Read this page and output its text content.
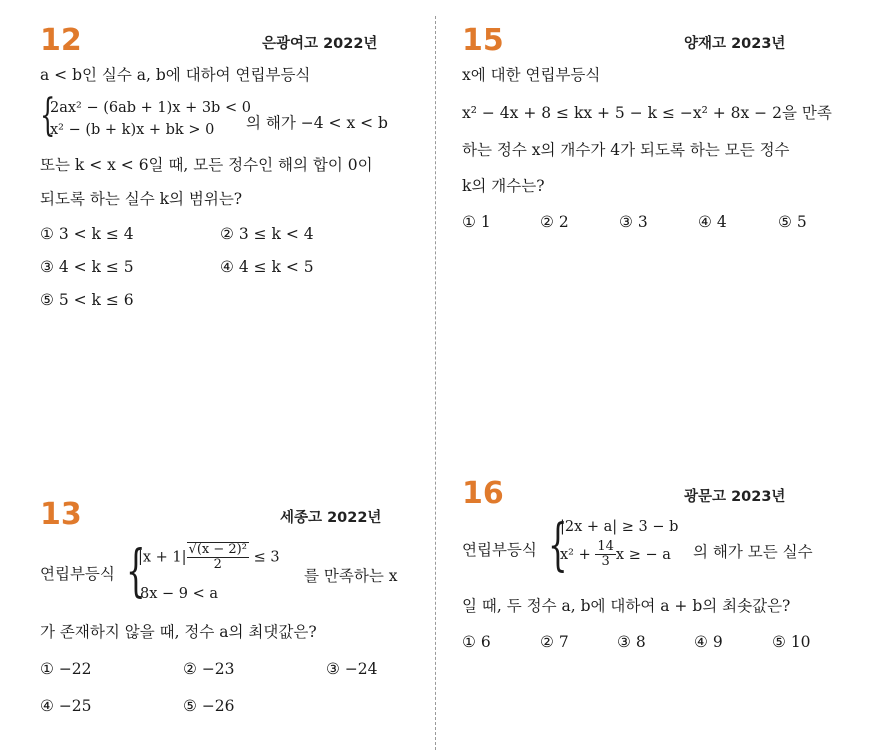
12	은광여고 2022년
a < b인 실수 a, b에 대하여 연립부등식
{
2ax² − (6ab + 1)x + 3b < 0
x² − (b + k)x + bk > 0 의 해가 −4 < x < b
또는 k < x < 6일 때, 모든 정수인 해의 합이 0이
되도록 하는 실수 k의 범위는?
① 3 < k ≤ 4	② 3 ≤ k < 4
③ 4 < k ≤ 5	④ 4 ≤ k < 5
⑤ 5 < k ≤ 6
15	양재고 2023년
x에 대한 연립부등식
x² − 4x + 8 ≤ kx + 5 − k ≤ −x² + 8x − 2을 만족
하는 정수 x의 개수가 4가 되도록 하는 모든 정수
k의 개수는?
① 1	② 2	③ 3	④ 4	⑤ 5
13	세종고 2022년
연립부등식 {
$|x + 1| \frac{\text{√(x − 2)²}}{2} \le 3$
8x − 9 < a
를 만족하는 x
가 존재하지 않을 때, 정수 a의 최댓값은?
① −22	② −23	③ −24
④ −25	⑤ −26
16	광문고 2023년
연립부등식 {
|2x + a| ≥ 3 − b
$x^2 + \frac{14}{3}$ x ≥ − a 의 해가 모든 실수
일 때, 두 정수 a, b에 대하여 a + b의 최솟값은?
① 6	② 7	③ 8	④ 9	⑤ 10
